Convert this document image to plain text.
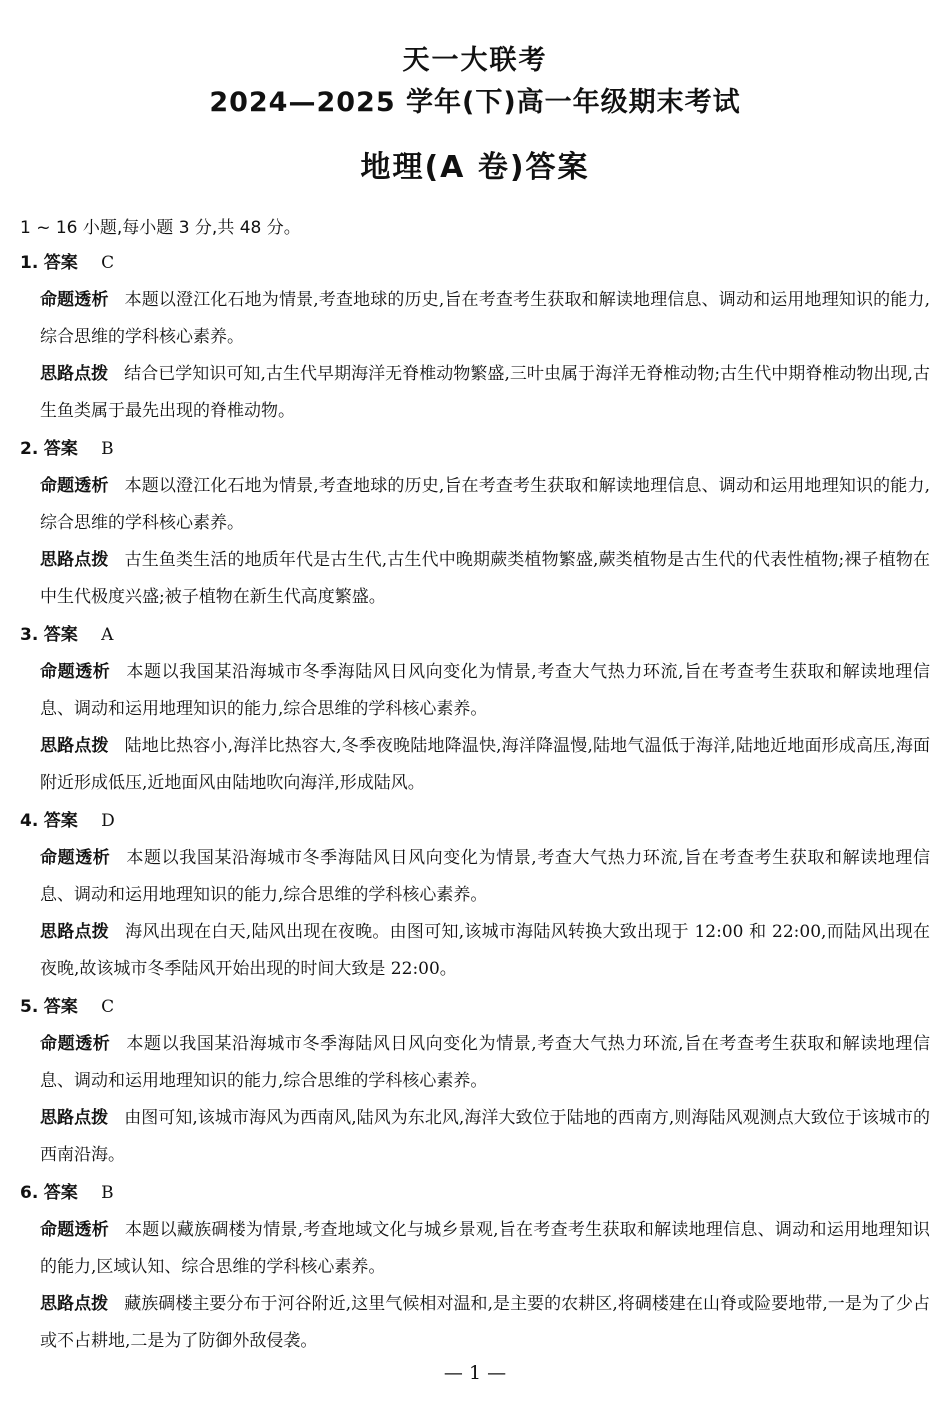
天一大联考
2024—2025 学年(下)高一年级期末考试
地理(A 卷)答案
1 ~ 16 小题,每小题 3 分,共 48 分。
1. 答案 C
命题透析 本题以澄江化石地为情景,考查地球的历史,旨在考查考生获取和解读地理信息、调动和运用地理知识的能力,综合思维的学科核心素养。
思路点拨 结合已学知识可知,古生代早期海洋无脊椎动物繁盛,三叶虫属于海洋无脊椎动物;古生代中期脊椎动物出现,古生鱼类属于最先出现的脊椎动物。
2. 答案 B
命题透析 本题以澄江化石地为情景,考查地球的历史,旨在考查考生获取和解读地理信息、调动和运用地理知识的能力,综合思维的学科核心素养。
思路点拨 古生鱼类生活的地质年代是古生代,古生代中晚期蕨类植物繁盛,蕨类植物是古生代的代表性植物;裸子植物在中生代极度兴盛;被子植物在新生代高度繁盛。
3. 答案 A
命题透析 本题以我国某沿海城市冬季海陆风日风向变化为情景,考查大气热力环流,旨在考查考生获取和解读地理信息、调动和运用地理知识的能力,综合思维的学科核心素养。
思路点拨 陆地比热容小,海洋比热容大,冬季夜晚陆地降温快,海洋降温慢,陆地气温低于海洋,陆地近地面形成高压,海面附近形成低压,近地面风由陆地吹向海洋,形成陆风。
4. 答案 D
命题透析 本题以我国某沿海城市冬季海陆风日风向变化为情景,考查大气热力环流,旨在考查考生获取和解读地理信息、调动和运用地理知识的能力,综合思维的学科核心素养。
思路点拨 海风出现在白天,陆风出现在夜晚。由图可知,该城市海陆风转换大致出现于 12:00 和 22:00,而陆风出现在夜晚,故该城市冬季陆风开始出现的时间大致是 22:00。
5. 答案 C
命题透析 本题以我国某沿海城市冬季海陆风日风向变化为情景,考查大气热力环流,旨在考查考生获取和解读地理信息、调动和运用地理知识的能力,综合思维的学科核心素养。
思路点拨 由图可知,该城市海风为西南风,陆风为东北风,海洋大致位于陆地的西南方,则海陆风观测点大致位于该城市的西南沿海。
6. 答案 B
命题透析 本题以藏族碉楼为情景,考查地域文化与城乡景观,旨在考查考生获取和解读地理信息、调动和运用地理知识的能力,区域认知、综合思维的学科核心素养。
思路点拨 藏族碉楼主要分布于河谷附近,这里气候相对温和,是主要的农耕区,将碉楼建在山脊或险要地带,一是为了少占或不占耕地,二是为了防御外敌侵袭。
— 1 —
